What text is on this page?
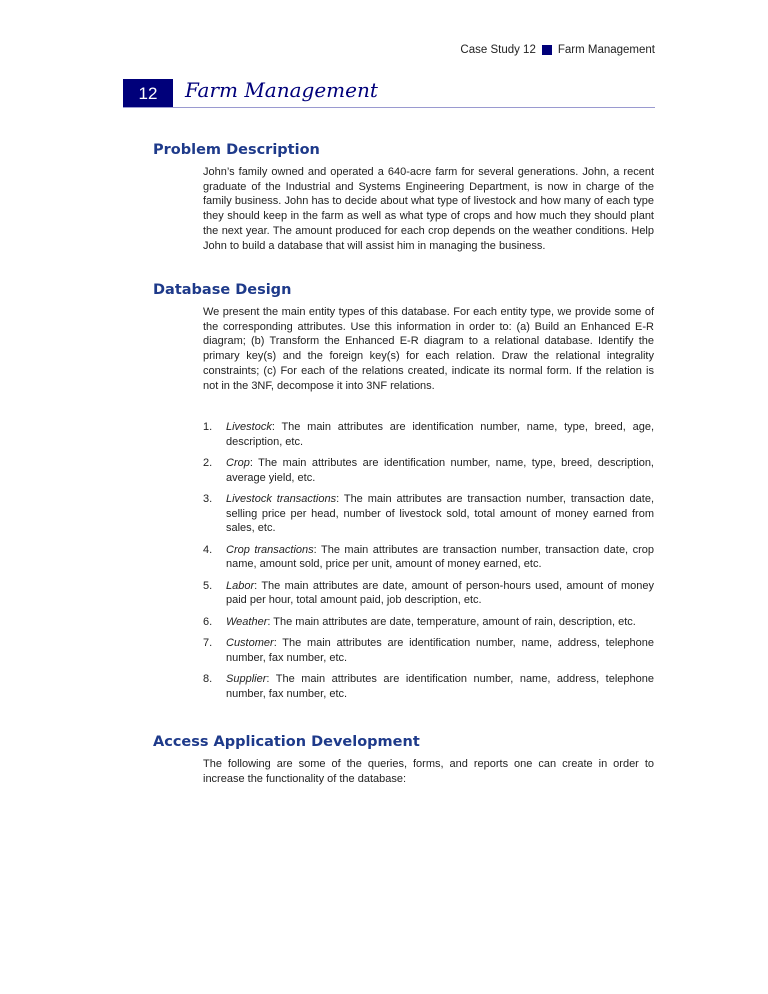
Case Study 12 Farm Management
12	Farm Management
Problem Description

John’s family owned and operated a 640-acre farm for several generations. John, a recent graduate of the Industrial and Systems Engineering Department, is now in charge of the family business. John has to decide about what type of livestock and how many of each type they should keep in the farm as well as what type of crops and how much they should plant the next year. The amount produced for each crop depends on the weather conditions. Help John to build a database that will assist him in managing the business.

Database Design

We present the main entity types of this database. For each entity type, we provide some of the corresponding attributes. Use this information in order to: (a) Build an Enhanced E-R diagram; (b) Transform the Enhanced E-R diagram to a relational database. Identify the primary key(s) and the foreign key(s) for each relation. Draw the relational integrality constraints; (c) For each of the relations created, indicate its normal form. If the relation is not in the 3NF, decompose it into 3NF relations.

1.	Livestock: The main attributes are identification number, name, type, breed, age, description, etc.
2.	Crop: The main attributes are identification number, name, type, breed, description, average yield, etc.
3.	Livestock transactions: The main attributes are transaction number, transaction date, selling price per head, number of livestock sold, total amount of money earned from sales, etc.
4.	Crop transactions: The main attributes are transaction number, transaction date, crop name, amount sold, price per unit, amount of money earned, etc.
5.	Labor: The main attributes are date, amount of person-hours used, amount of money paid per hour, total amount paid, job description, etc.
6.	Weather: The main attributes are date, temperature, amount of rain, description, etc.
7.	Customer: The main attributes are identification number, name, address, telephone number, fax number, etc.
8.	Supplier: The main attributes are identification number, name, address, telephone number, fax number, etc.
Access Application Development

The following are some of the queries, forms, and reports one can create in order to increase the functionality of the database:
